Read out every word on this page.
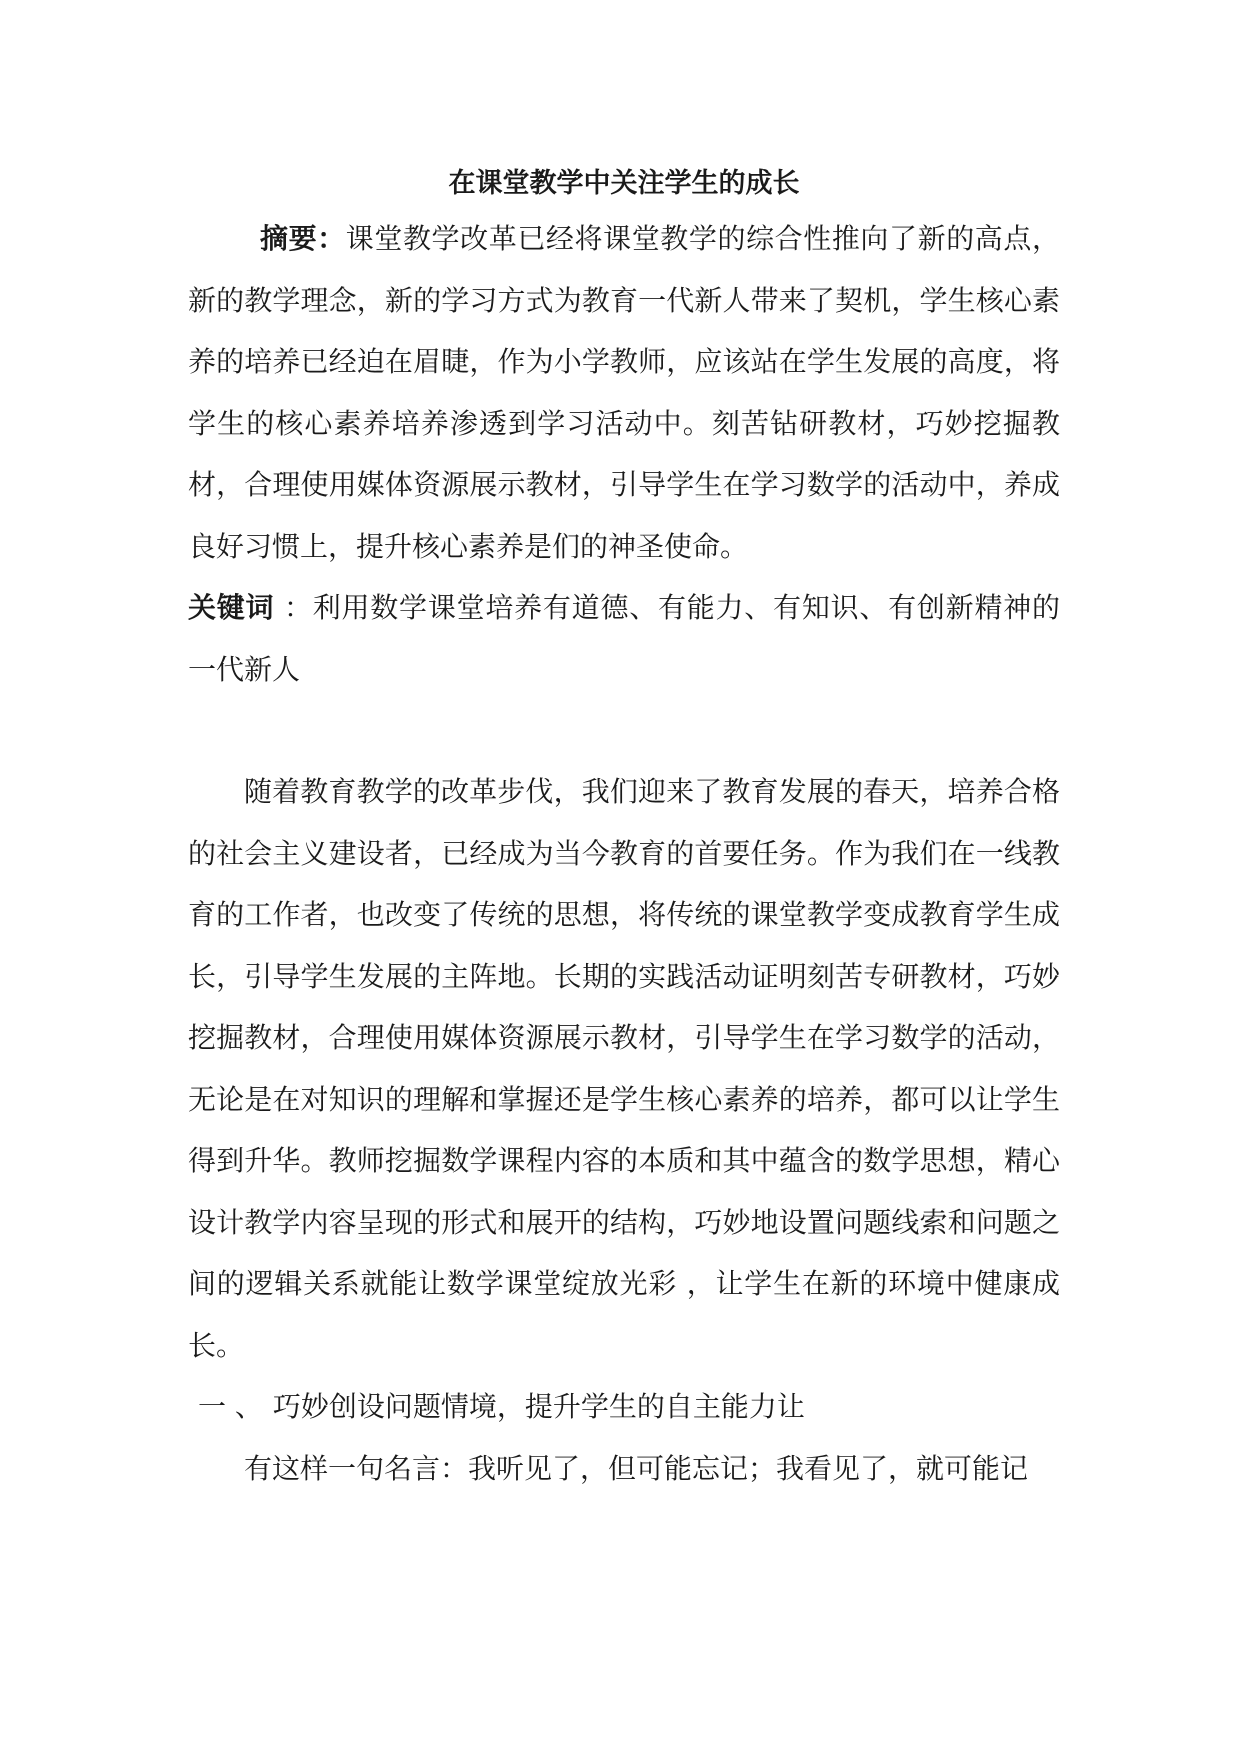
在课堂教学中关注学生的成长

摘要：课堂教学改革已经将课堂教学的综合性推向了新的高点，新的教学理念，新的学习方式为教育一代新人带来了契机，学生核心素养的培养已经迫在眉睫，作为小学教师，应该站在学生发展的高度，将学生的核心素养培养渗透到学习活动中。刻苦钻研教材，巧妙挖掘教材，合理使用媒体资源展示教材，引导学生在学习数学的活动中，养成良好习惯上，提升核心素养是们的神圣使命。

关键词 ：利用数学课堂培养有道德、有能力、有知识、有创新精神的一代新人

随着教育教学的改革步伐，我们迎来了教育发展的春天，培养合格的社会主义建设者，已经成为当今教育的首要任务。作为我们在一线教育的工作者，也改变了传统的思想，将传统的课堂教学变成教育学生成长，引导学生发展的主阵地。长期的实践活动证明刻苦专研教材，巧妙挖掘教材，合理使用媒体资源展示教材，引导学生在学习数学的活动，无论是在对知识的理解和掌握还是学生核心素养的培养，都可以让学生得到升华。教师挖掘数学课程内容的本质和其中蕴含的数学思想，精心设计教学内容呈现的形式和展开的结构，巧妙地设置问题线索和问题之间的逻辑关系就能让数学课堂绽放光彩 ，让学生在新的环境中健康成长。

一 、 巧妙创设问题情境，提升学生的自主能力让

有这样一句名言：我听见了，但可能忘记；我看见了，就可能记
